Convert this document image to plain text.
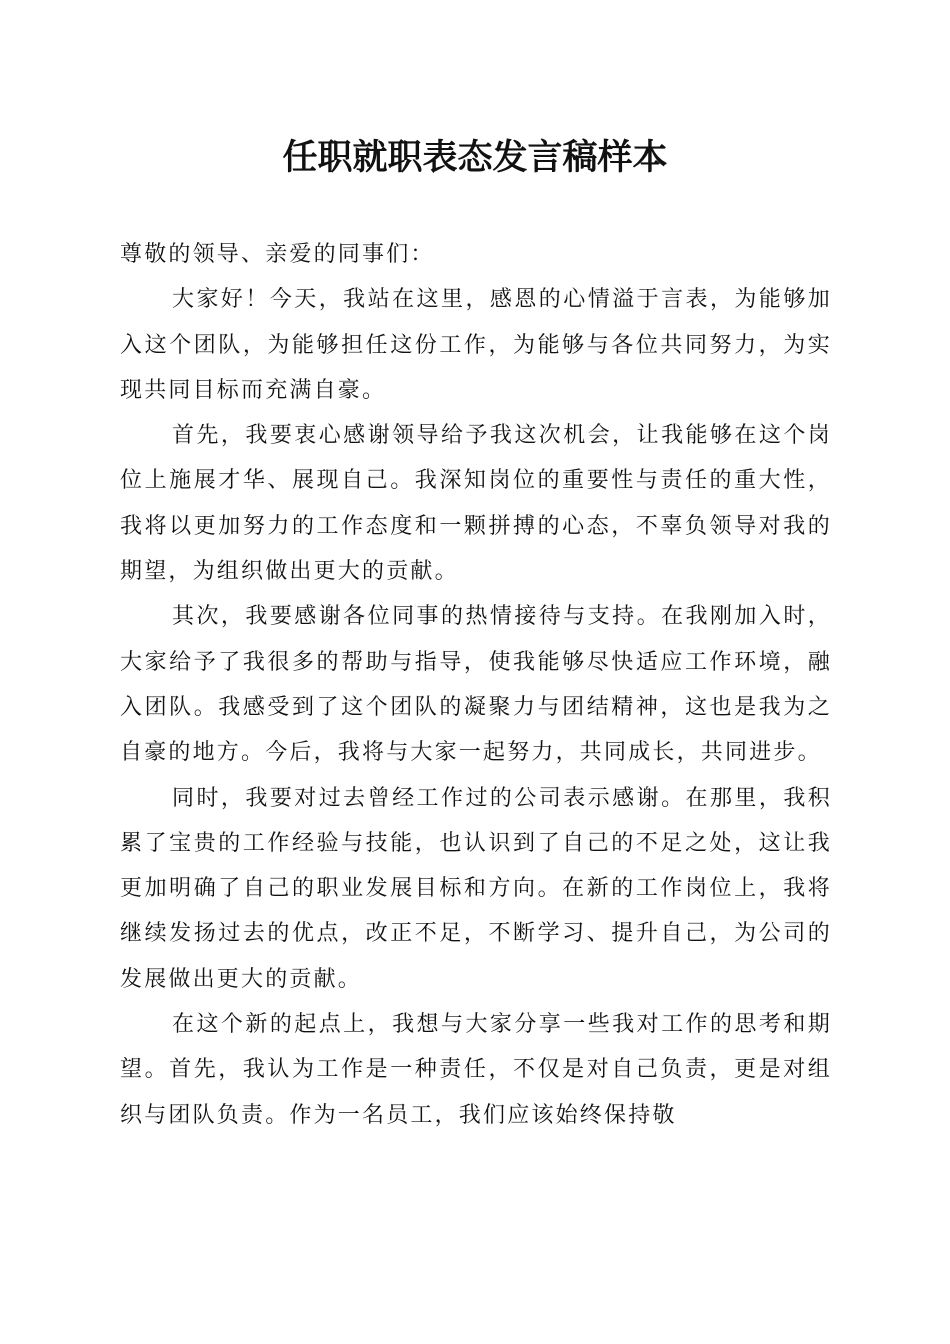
任职就职表态发言稿样本

尊敬的领导、亲爱的同事们：

大家好！今天，我站在这里，感恩的心情溢于言表，为能够加入这个团队，为能够担任这份工作，为能够与各位共同努力，为实现共同目标而充满自豪。

首先，我要衷心感谢领导给予我这次机会，让我能够在这个岗位上施展才华、展现自己。我深知岗位的重要性与责任的重大性，我将以更加努力的工作态度和一颗拼搏的心态，不辜负领导对我的期望，为组织做出更大的贡献。

其次，我要感谢各位同事的热情接待与支持。在我刚加入时，大家给予了我很多的帮助与指导，使我能够尽快适应工作环境，融入团队。我感受到了这个团队的凝聚力与团结精神，这也是我为之自豪的地方。今后，我将与大家一起努力，共同成长，共同进步。

同时，我要对过去曾经工作过的公司表示感谢。在那里，我积累了宝贵的工作经验与技能，也认识到了自己的不足之处，这让我更加明确了自己的职业发展目标和方向。在新的工作岗位上，我将继续发扬过去的优点，改正不足，不断学习、提升自己，为公司的发展做出更大的贡献。

在这个新的起点上，我想与大家分享一些我对工作的思考和期望。首先，我认为工作是一种责任，不仅是对自己负责，更是对组织与团队负责。作为一名员工，我们应该始终保持敬
